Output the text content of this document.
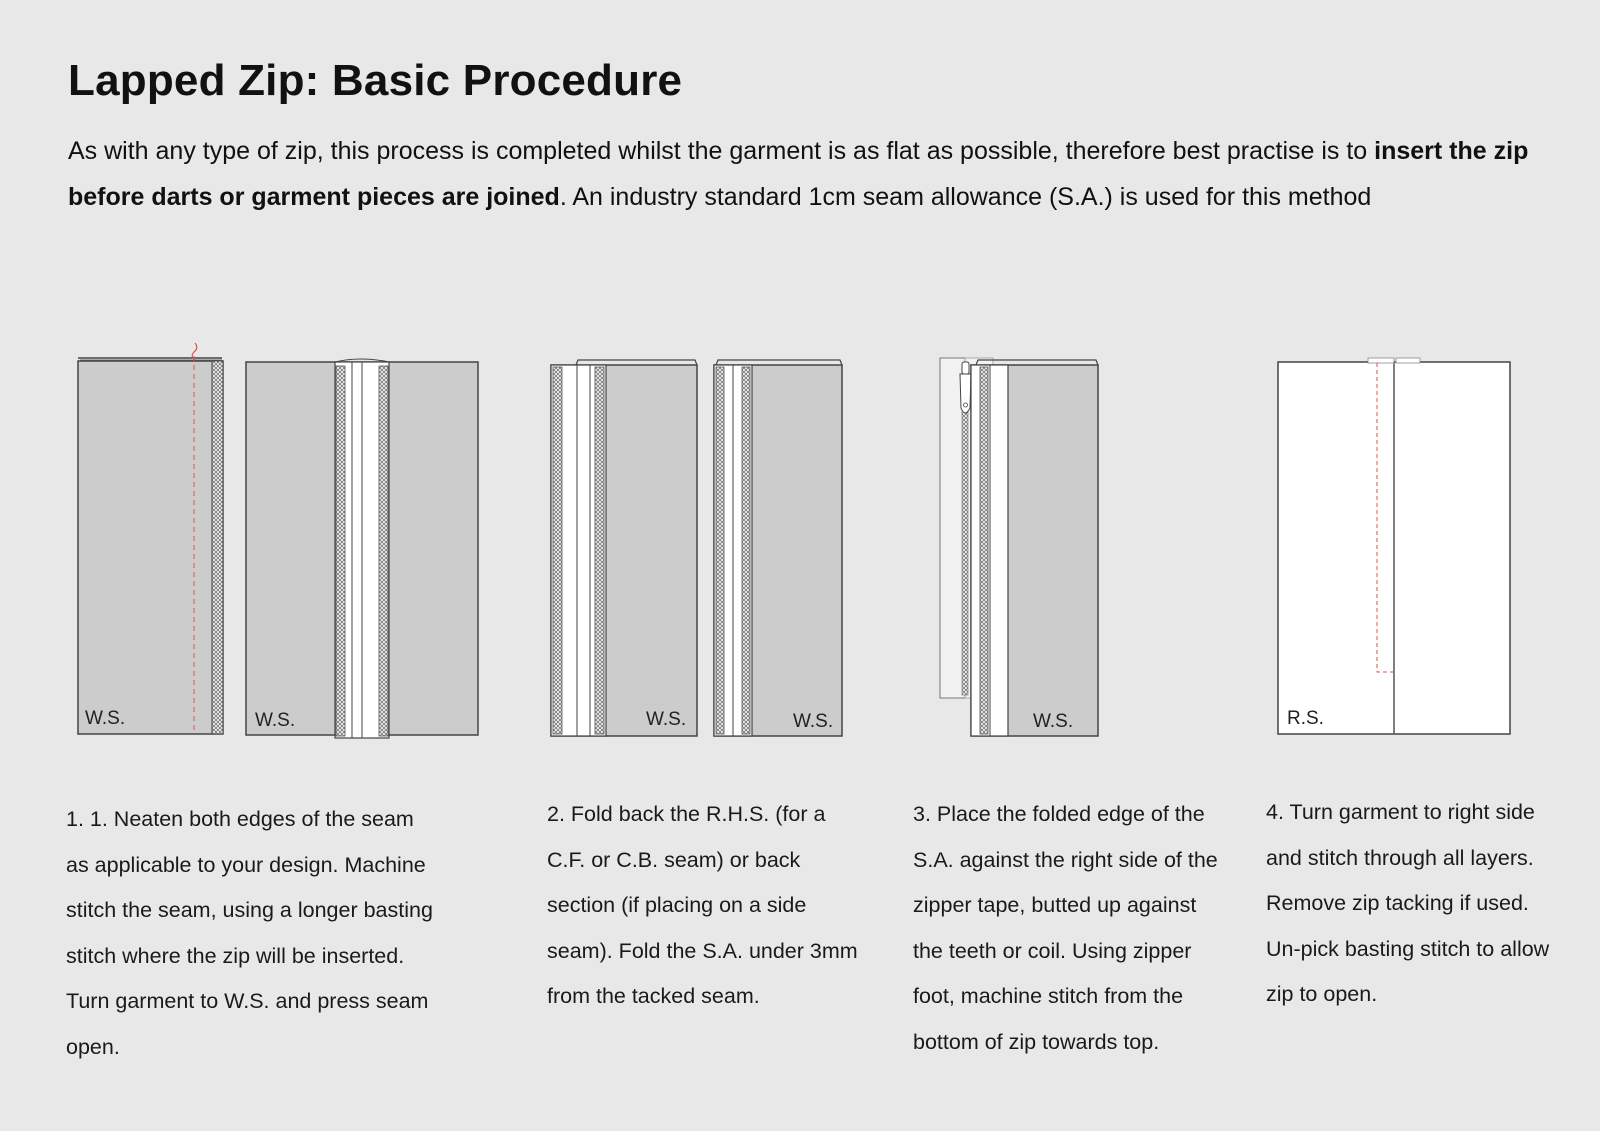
Lapped Zip: Basic Procedure

As with any type of zip, this process is completed whilst the garment is as flat as possible, therefore best practise is to insert the zip before darts or garment pieces are joined. An industry standard 1cm seam allowance (S.A.) is used for this method

W.S.	W.S.	W.S.	W.S.	W.S.	R.S.

1. 1. Neaten both edges of the seam as applicable to your design. Machine stitch the seam, using a longer basting stitch where the zip will be inserted. Turn garment to W.S. and press seam open.

2. Fold back the R.H.S. (for a C.F. or C.B. seam) or back section (if placing on a side seam). Fold the S.A. under 3mm from the tacked seam.

3. Place the folded edge of the S.A. against the right side of the zipper tape, butted up against the teeth or coil. Using zipper foot, machine stitch from the bottom of zip towards top.

4. Turn garment to right side and stitch through all layers. Remove zip tacking if used. Un-pick basting stitch to allow zip to open.
